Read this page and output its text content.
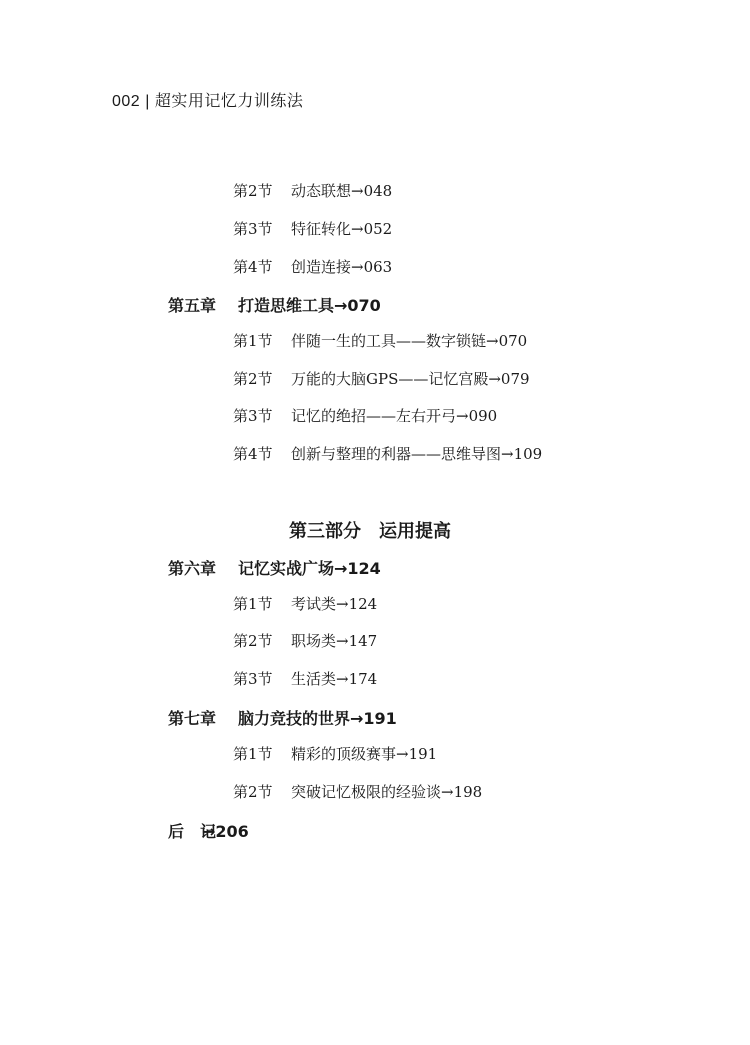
002 | 超实用记忆力训练法
第2节 动态联想→048
第3节 特征转化→052
第4节 创造连接→063
第五章 打造思维工具→070
第1节 伴随一生的工具——数字锁链→070
第2节 万能的大脑GPS——记忆宫殿→079
第3节 记忆的绝招——左右开弓→090
第4节 创新与整理的利器——思维导图→109
第三部分 运用提高
第六章 记忆实战广场→124
第1节 考试类→124
第2节 职场类→147
第3节 生活类→174
第七章 脑力竞技的世界→191
第1节 精彩的顶级赛事→191
第2节 突破记忆极限的经验谈→198
后　记→206
